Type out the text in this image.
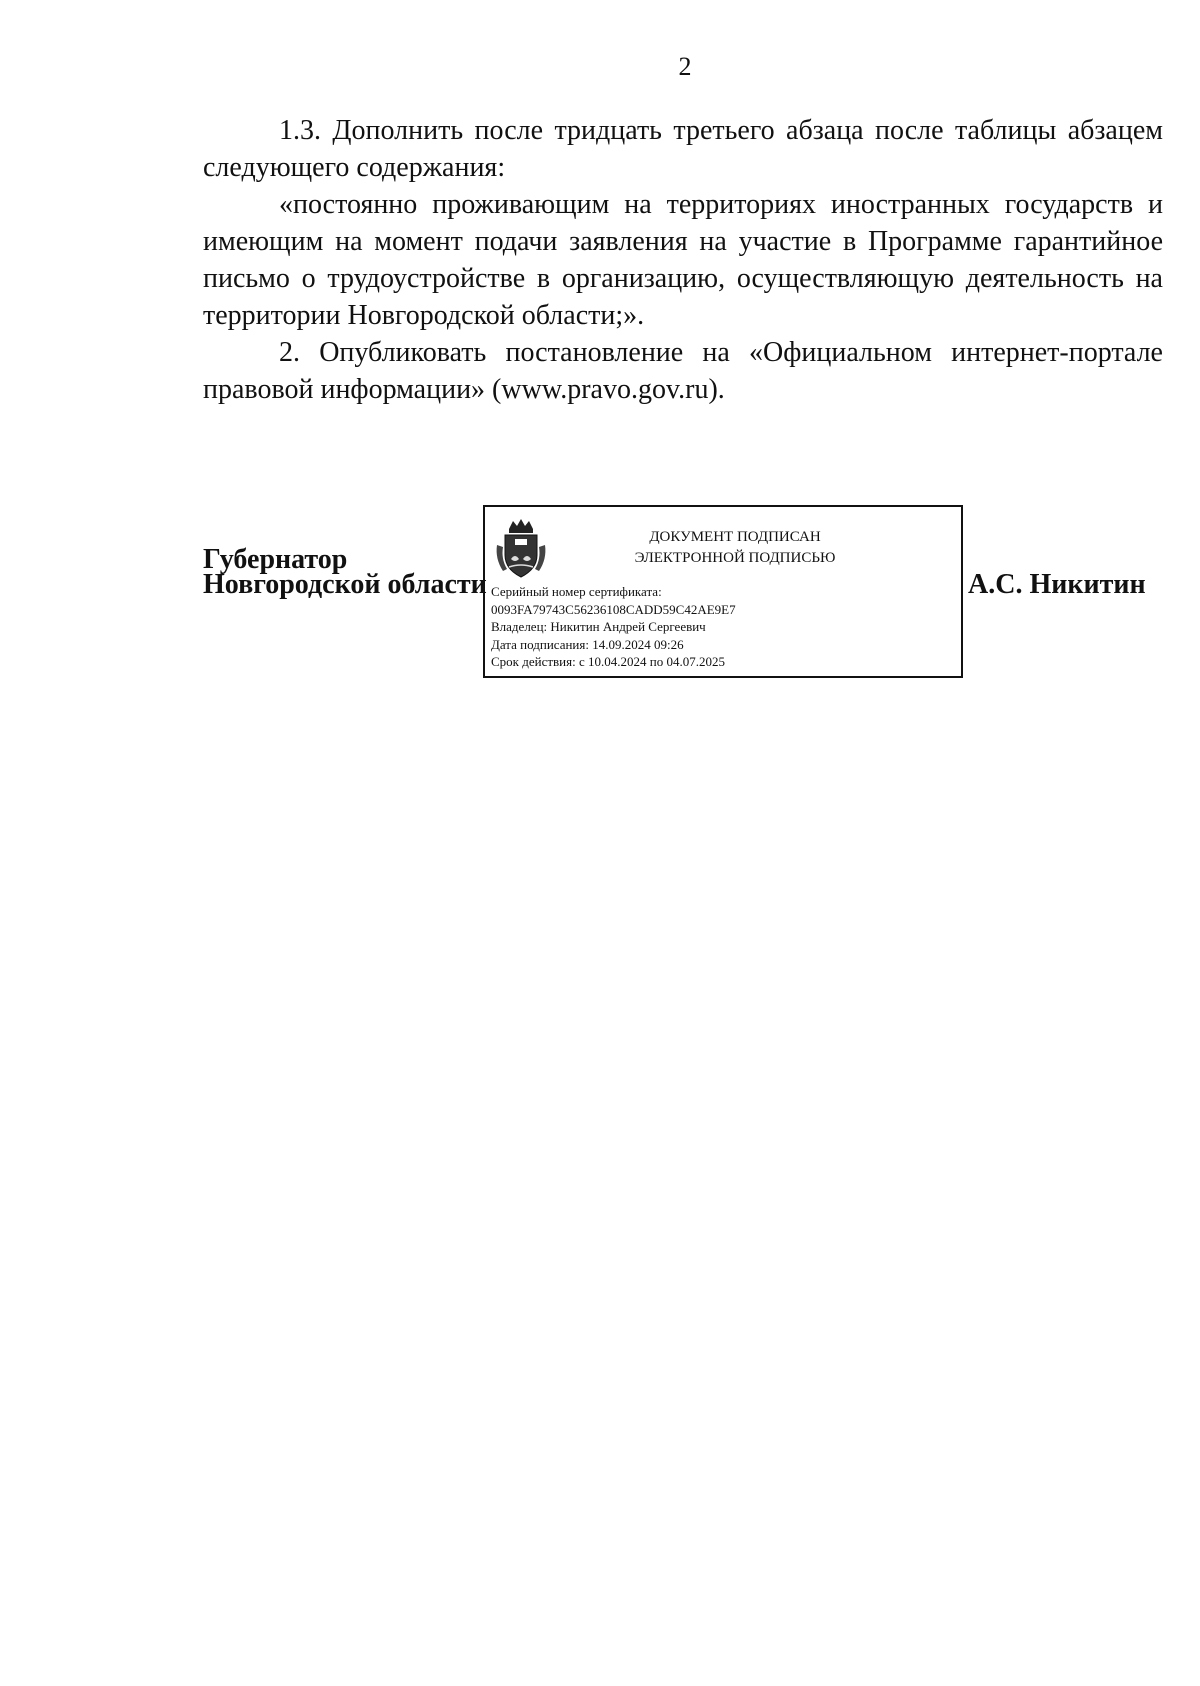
2

1.3. Дополнить после тридцать третьего абзаца после таблицы абзацем следующего содержания:

«постоянно проживающим на территориях иностранных государств и имеющим на момент подачи заявления на участие в Программе гарантийное письмо о трудоустройстве в организацию, осуществляющую деятельность на территории Новгородской области;».

2. Опубликовать постановление на «Официальном интернет-портале правовой информации» (www.pravo.gov.ru).

Губернатор
Новгородской области
ДОКУМЕНТ ПОДПИСАН
ЭЛЕКТРОННОЙ ПОДПИСЬЮ
Серийный номер сертификата:
0093FA79743C56236108CADD59C42AE9E7
Владелец: Никитин Андрей Сергеевич
Дата подписания: 14.09.2024 09:26
Срок действия: с 10.04.2024 по 04.07.2025
А.С. Никитин
